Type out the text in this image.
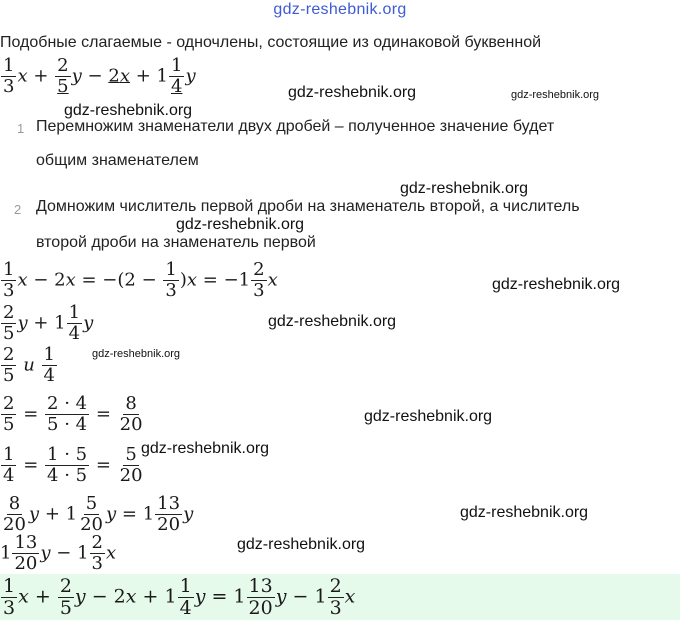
gdz-reshebnik.org
Подобные слагаемые - одночлены, состоящие из одинаковой буквенной
$\frac{1}{3}$ $x + \frac{2}{5}$ $y - 2x + 1 \frac{1}{4}$ y
1 Перемножим знаменатели двух дробей – полученное значение будет
общим знаменателем
2 Домножим числитель первой дроби на знаменатель второй, а числитель
второй дроби на знаменатель первой
$\frac{1}{3}$ $x - 2x = -(2 - \frac{1}{3} )x = -1 \frac{2}{3}$ x
$\frac{2}{5}$ $y + 1 \frac{1}{4}$ y
$\frac{2}{5}$ и $\frac{1}{4}$
$\frac{2}{5} = \frac{2 \cdot 4}{5 \cdot 4} = \frac{8}{20}$
$\frac{1}{4} = \frac{1 \cdot 5}{4 \cdot 5} = \frac{5}{20}$
$\frac{8}{20}$ $y + 1 \frac{5}{20}$ $y = 1 \frac{13}{20}$ y
$1 \frac{13}{20}$ $y - 1 \frac{2}{3}$ x
$\frac{1}{3}$ $x + \frac{2}{5}$ $y - 2x + 1 \frac{1}{4}$ $y = 1 \frac{13}{20}$ $y - 1 \frac{2}{3}$ x
gdz-reshebnik.org
gdz-reshebnik.org	gdz-reshebnik.org
gdz-reshebnik.org
gdz-reshebnik.org
gdz-reshebnik.org
gdz-reshebnik.org
gdz-reshebnik.org
gdz-reshebnik.org
gdz-reshebnik.org
gdz-reshebnik.org
gdz-reshebnik.org
